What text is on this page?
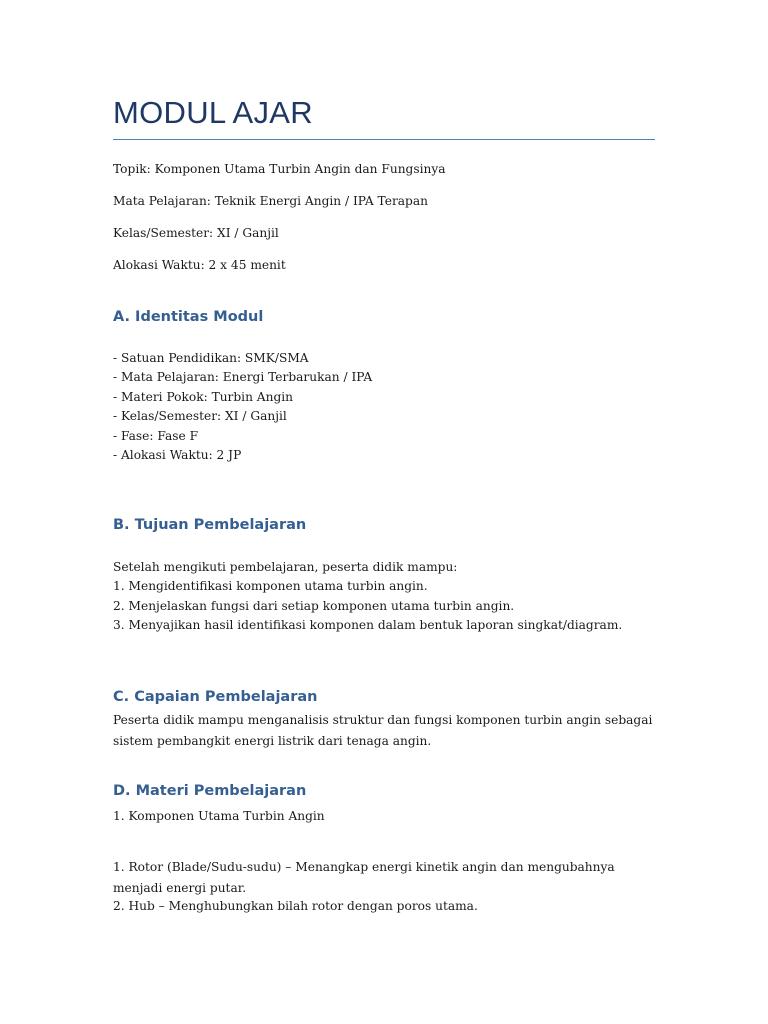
MODUL AJAR
Topik: Komponen Utama Turbin Angin dan Fungsinya
Mata Pelajaran: Teknik Energi Angin / IPA Terapan
Kelas/Semester: XI / Ganjil
Alokasi Waktu: 2 x 45 menit
A. Identitas Modul
- Satuan Pendidikan: SMK/SMA
- Mata Pelajaran: Energi Terbarukan / IPA
- Materi Pokok: Turbin Angin
- Kelas/Semester: XI / Ganjil
- Fase: Fase F
- Alokasi Waktu: 2 JP
B. Tujuan Pembelajaran
Setelah mengikuti pembelajaran, peserta didik mampu:
1. Mengidentifikasi komponen utama turbin angin.
2. Menjelaskan fungsi dari setiap komponen utama turbin angin.
3. Menyajikan hasil identifikasi komponen dalam bentuk laporan singkat/diagram.
C. Capaian Pembelajaran
Peserta didik mampu menganalisis struktur dan fungsi komponen turbin angin sebagai sistem pembangkit energi listrik dari tenaga angin.
D. Materi Pembelajaran
1. Komponen Utama Turbin Angin
1. Rotor (Blade/Sudu-sudu) – Menangkap energi kinetik angin dan mengubahnya menjadi energi putar.
2. Hub – Menghubungkan bilah rotor dengan poros utama.
